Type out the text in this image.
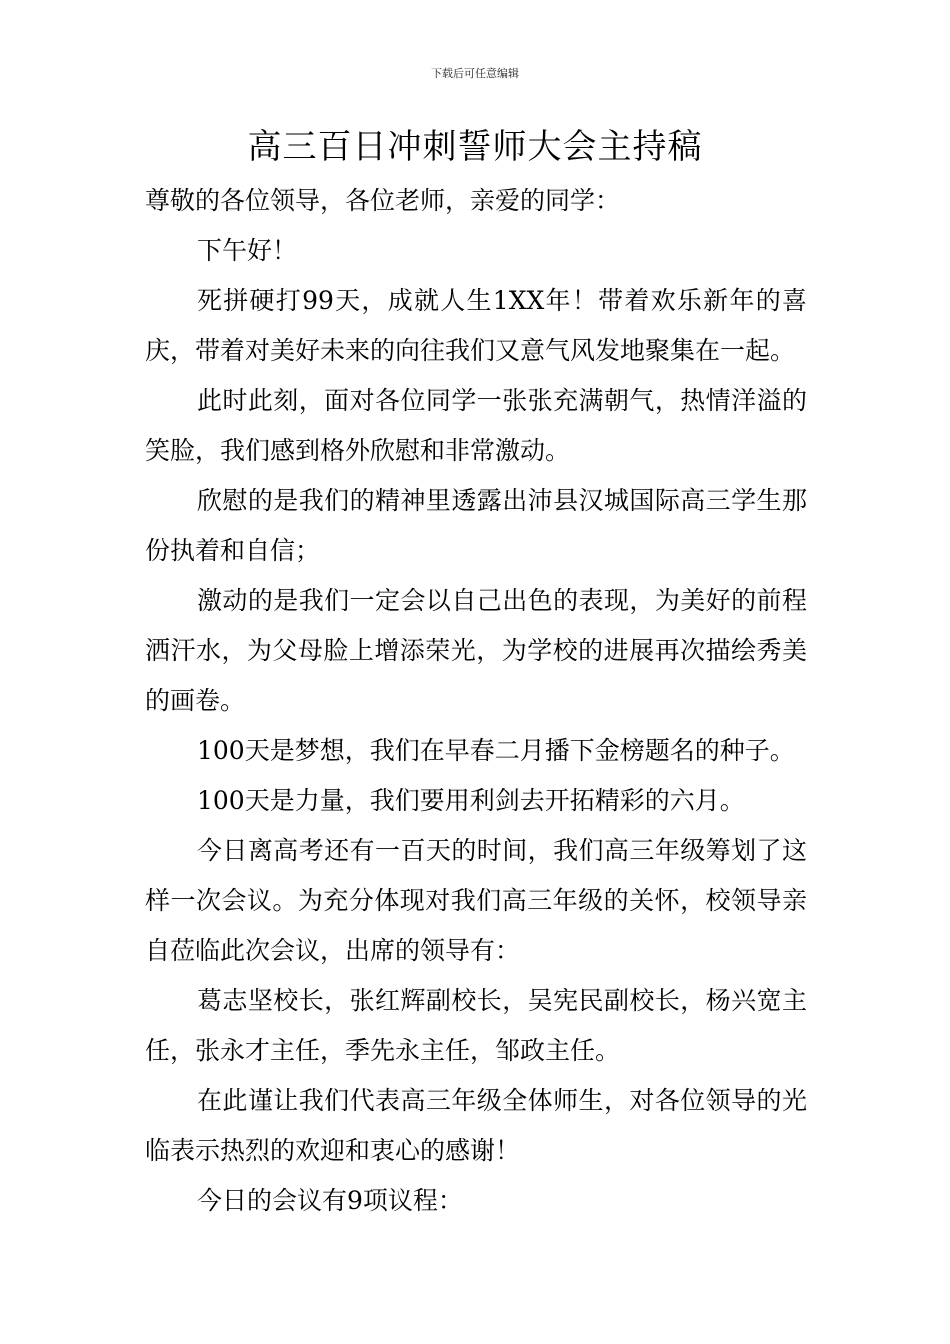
下载后可任意编辑
高三百日冲刺誓师大会主持稿

尊敬的各位领导，各位老师，亲爱的同学：

下午好！

死拼硬打99天，成就人生1XX年！带着欢乐新年的喜庆，带着对美好未来的向往我们又意气风发地聚集在一起。

此时此刻，面对各位同学一张张充满朝气，热情洋溢的笑脸，我们感到格外欣慰和非常激动。

欣慰的是我们的精神里透露出沛县汉城国际高三学生那份执着和自信；

激动的是我们一定会以自己出色的表现，为美好的前程洒汗水，为父母脸上增添荣光，为学校的进展再次描绘秀美的画卷。

100天是梦想，我们在早春二月播下金榜题名的种子。

100天是力量，我们要用利剑去开拓精彩的六月。

今日离高考还有一百天的时间，我们高三年级筹划了这样一次会议。为充分体现对我们高三年级的关怀，校领导亲自莅临此次会议，出席的领导有：

葛志坚校长，张红辉副校长，吴宪民副校长，杨兴宽主任，张永才主任，季先永主任，邹政主任。

在此谨让我们代表高三年级全体师生，对各位领导的光临表示热烈的欢迎和衷心的感谢！

今日的会议有9项议程：
